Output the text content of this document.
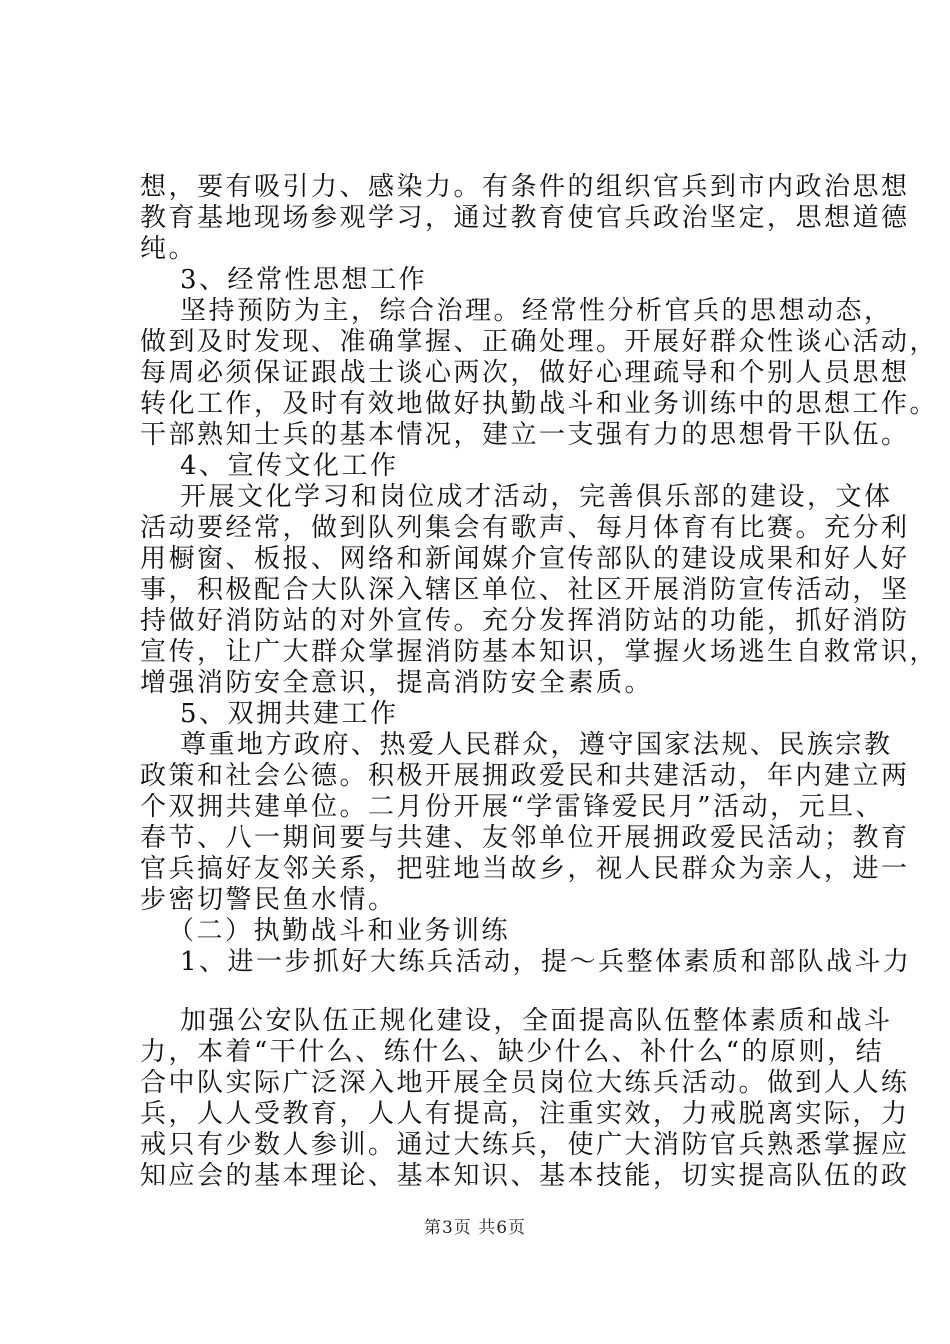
想，要有吸引力、感染力。有条件的组织官兵到市内政治思想
教育基地现场参观学习，通过教育使官兵政治坚定，思想道德
纯。
3、经常性思想工作
坚持预防为主，综合治理。经常性分析官兵的思想动态，
做到及时发现、准确掌握、正确处理。开展好群众性谈心活动，
每周必须保证跟战士谈心两次，做好心理疏导和个别人员思想
转化工作，及时有效地做好执勤战斗和业务训练中的思想工作。
干部熟知士兵的基本情况，建立一支强有力的思想骨干队伍。
4、宣传文化工作
开展文化学习和岗位成才活动，完善俱乐部的建设，文体
活动要经常，做到队列集会有歌声、每月体育有比赛。充分利
用橱窗、板报、网络和新闻媒介宣传部队的建设成果和好人好
事，积极配合大队深入辖区单位、社区开展消防宣传活动，坚
持做好消防站的对外宣传。充分发挥消防站的功能，抓好消防
宣传，让广大群众掌握消防基本知识，掌握火场逃生自救常识，
增强消防安全意识，提高消防安全素质。
5、双拥共建工作
尊重地方政府、热爱人民群众，遵守国家法规、民族宗教
政策和社会公德。积极开展拥政爱民和共建活动，年内建立两
个双拥共建单位。二月份开展“学雷锋爱民月”活动，元旦、
春节、八一期间要与共建、友邻单位开展拥政爱民活动；教育
官兵搞好友邻关系，把驻地当故乡，视人民群众为亲人，进一
步密切警民鱼水情。
（二）执勤战斗和业务训练
1、进一步抓好大练兵活动，提～兵整体素质和部队战斗力
加强公安队伍正规化建设，全面提高队伍整体素质和战斗
力，本着“干什么、练什么、缺少什么、补什么“的原则，结
合中队实际广泛深入地开展全员岗位大练兵活动。做到人人练
兵，人人受教育，人人有提高，注重实效，力戒脱离实际，力
戒只有少数人参训。通过大练兵，使广大消防官兵熟悉掌握应
知应会的基本理论、基本知识、基本技能，切实提高队伍的政
第3页 共6页
